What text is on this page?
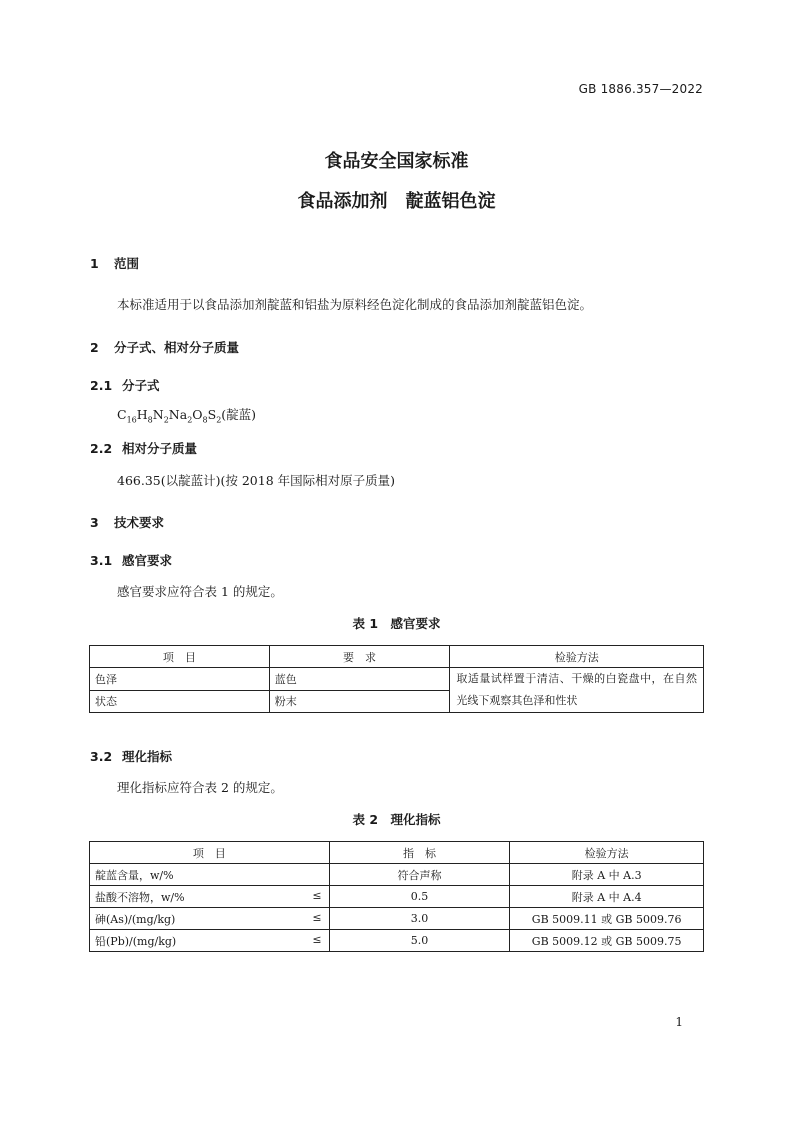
GB 1886.357—2022
食品安全国家标准
食品添加剂　靛蓝铝色淀
1 范围
本标准适用于以食品添加剂靛蓝和铝盐为原料经色淀化制成的食品添加剂靛蓝铝色淀。
2 分子式、相对分子质量
2.1 分子式
$C_{16}H_8N_2Na_2O_8S_2$(靛蓝)
2.2 相对分子质量
466.35(以靛蓝计)(按 2018 年国际相对原子质量)
3 技术要求
3.1 感官要求
感官要求应符合表 1 的规定。
表 1　感官要求
项　目	要　求	检验方法
色泽	蓝色	取适量试样置于清洁、干燥的白瓷盘中，在自然光线下观察其色泽和性状
状态	粉末	
3.2 理化指标
理化指标应符合表 2 的规定。
表 2　理化指标
项　目	指　标	检验方法
靛蓝含量，w/%	符合声称	附录 A 中 A.3
盐酸不溶物，w/% ≤	0.5	附录 A 中 A.4
砷(As)/(mg/kg) ≤	3.0	GB 5009.11 或 GB 5009.76
铅(Pb)/(mg/kg) ≤	5.0	GB 5009.12 或 GB 5009.75
1
